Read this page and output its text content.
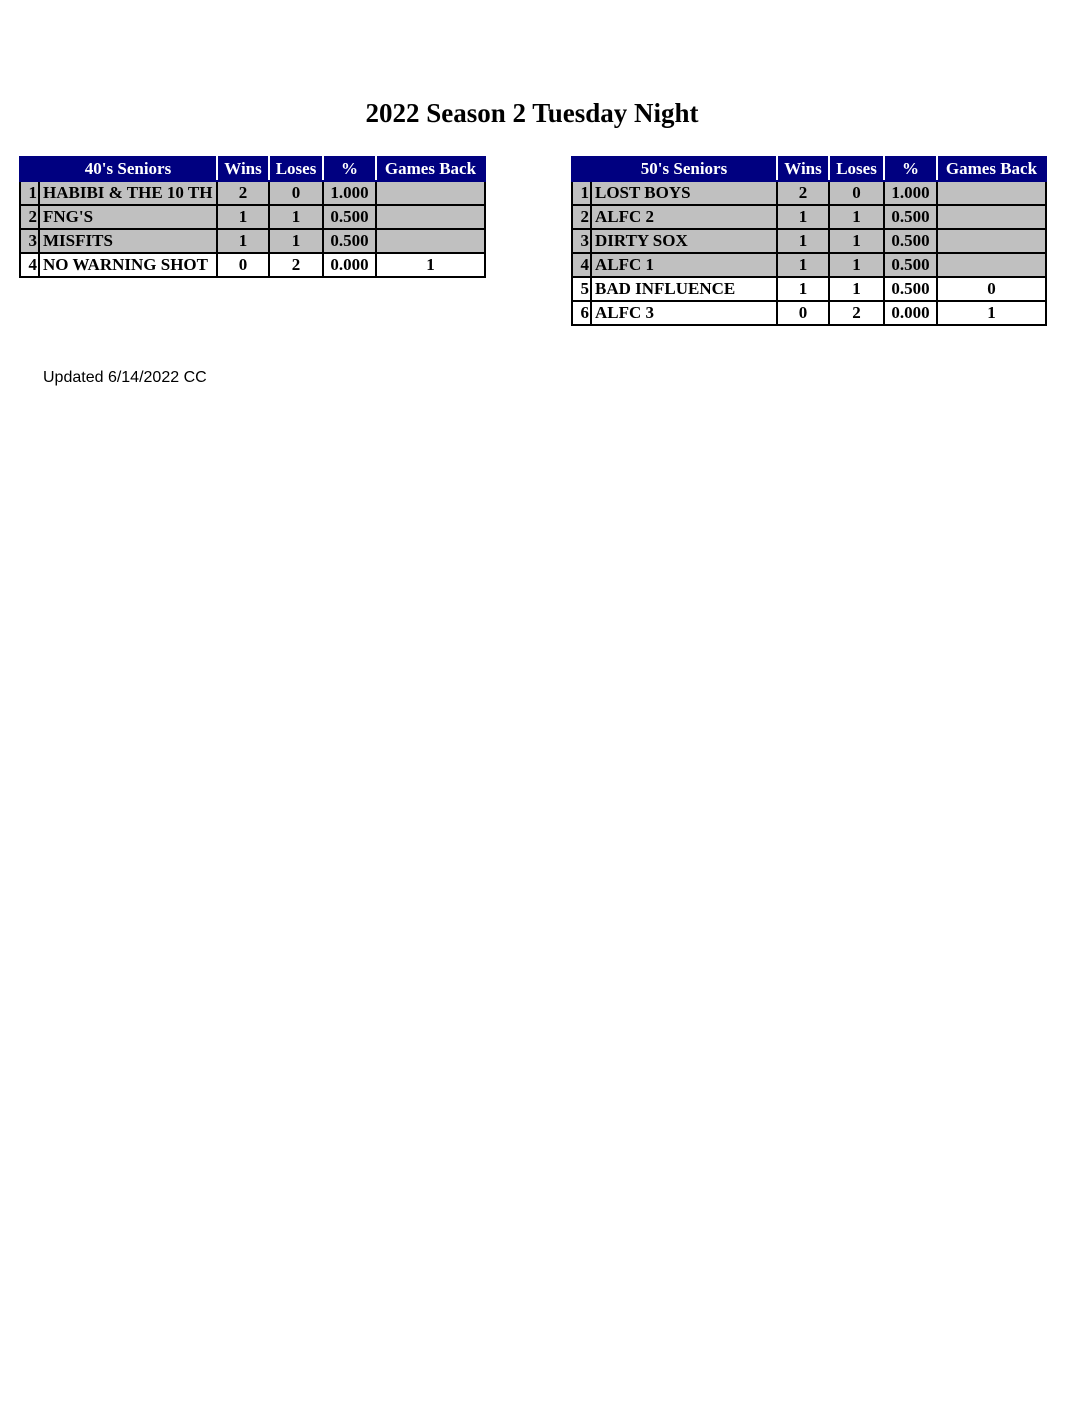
2022 Season 2 Tuesday Night
	40's Seniors	Wins	Loses	%	Games Back
1	HABIBI & THE 10 TH	2	0	1.000	
2	FNG'S	1	1	0.500	
3	MISFITS	1	1	0.500	
4	NO WARNING SHOT	0	2	0.000	1
	50's Seniors	Wins	Loses	%	Games Back
1	LOST BOYS	2	0	1.000	
2	ALFC 2	1	1	0.500	
3	DIRTY SOX	1	1	0.500	
4	ALFC 1	1	1	0.500	
5	BAD INFLUENCE	1	1	0.500	0
6	ALFC 3	0	2	0.000	1
Updated 6/14/2022 CC
